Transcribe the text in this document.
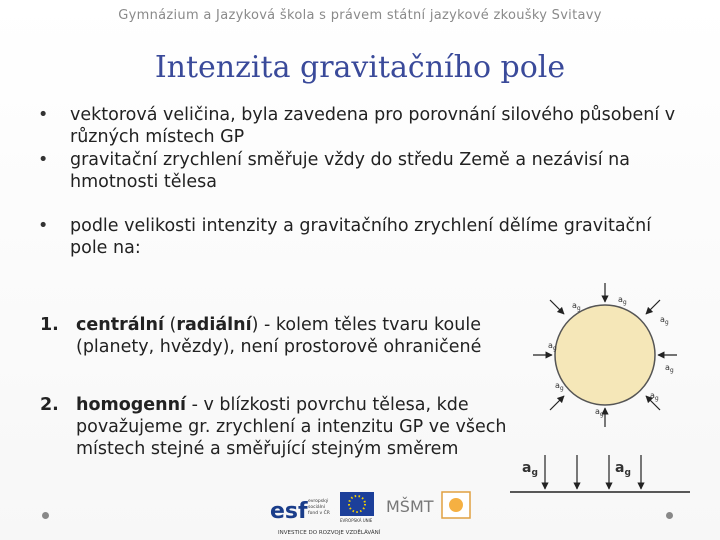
Gymnázium a Jazyková škola s právem státní jazykové zkoušky Svitavy
Intenzita gravitačního pole
• vektorová veličina, byla zavedena pro porovnání silového působení v různých místech GP
• gravitační zrychlení směřuje vždy do středu Země a nezávisí na hmotnosti tělesa
• podle velikosti intenzity a gravitačního zrychlení dělíme gravitační pole na:
1. centrální (radiální) - kolem těles tvaru koule (planety, hvězdy), není prostorově ohraničené
2. homogenní - v blízkosti povrchu tělesa, kde považujeme gr. zrychlení a intenzitu GP ve všech místech stejné a směřující stejným směrem
$a_g$
$a_g$
$a_g$
$a_g$
$a_g$
$a_g$
$a_g$
$a_g$
$a_g$	$a_g$
esf evropský
sociální
fond v ČR
EVROPSKÁ UNIE
MŠMT
INVESTICE DO ROZVOJE VZDĚLÁVÁNÍ
